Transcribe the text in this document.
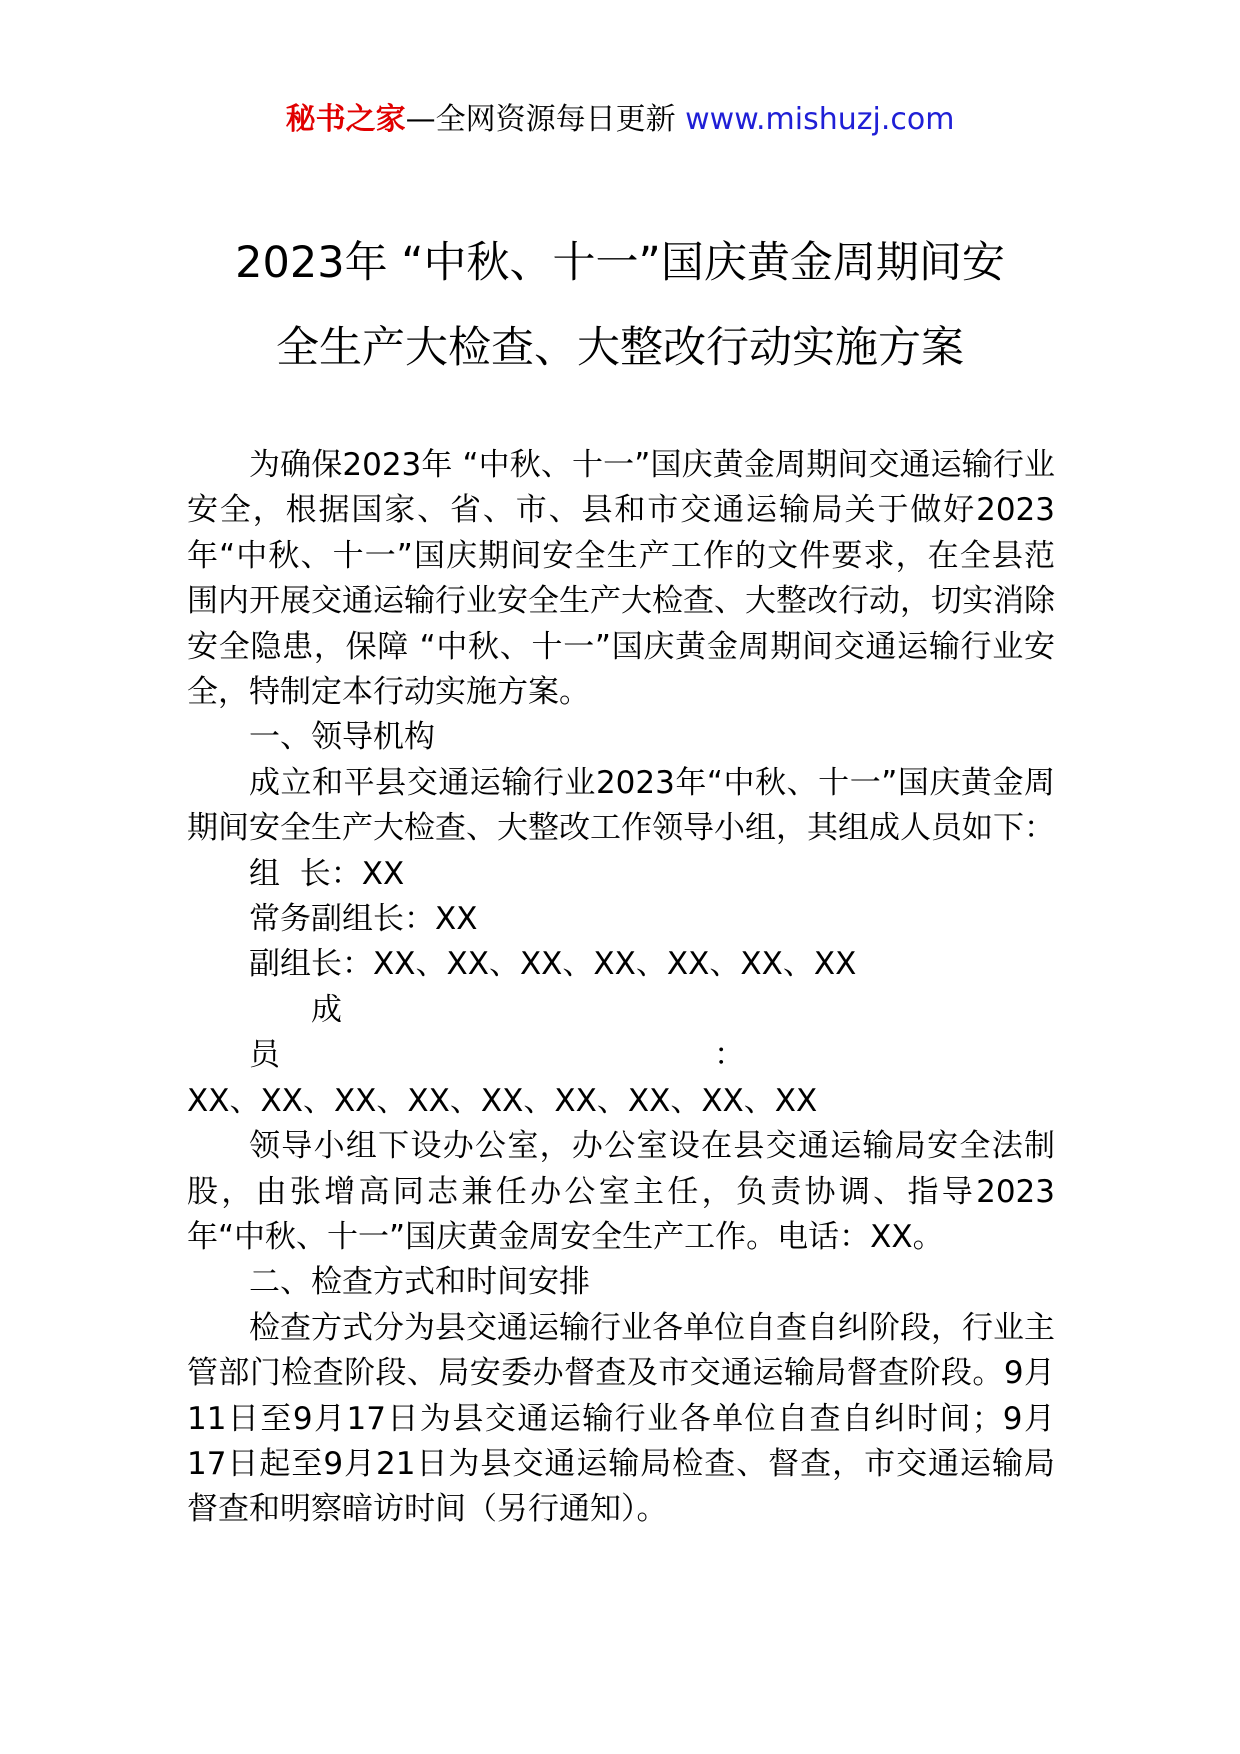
秘书之家—全网资源每日更新 www.mishuzj.com
2023年 “中秋、十一”国庆黄金周期间安
全生产大检查、大整改行动实施方案

为确保2023年 “中秋、十一”国庆黄金周期间交通运输行业安全，根据国家、省、市、县和市交通运输局关于做好2023年“中秋、十一”国庆期间安全生产工作的文件要求，在全县范围内开展交通运输行业安全生产大检查、大整改行动，切实消除安全隐患，保障 “中秋、十一”国庆黄金周期间交通运输行业安全，特制定本行动实施方案。

一、领导机构

成立和平县交通运输行业2023年“中秋、十一”国庆黄金周期间安全生产大检查、大整改工作领导小组，其组成人员如下：

组  长：XX

常务副组长：XX

副组长：XX、XX、XX、XX、XX、XX、XX

成员：

XX、XX、XX、XX、XX、XX、XX、XX、XX

领导小组下设办公室，办公室设在县交通运输局安全法制股，由张增高同志兼任办公室主任，负责协调、指导2023年“中秋、十一”国庆黄金周安全生产工作。电话：XX。

二、检查方式和时间安排

检查方式分为县交通运输行业各单位自查自纠阶段，行业主管部门检查阶段、局安委办督查及市交通运输局督查阶段。9月11日至9月17日为县交通运输行业各单位自查自纠时间；9月17日起至9月21日为县交通运输局检查、督查，市交通运输局督查和明察暗访时间（另行通知）。
